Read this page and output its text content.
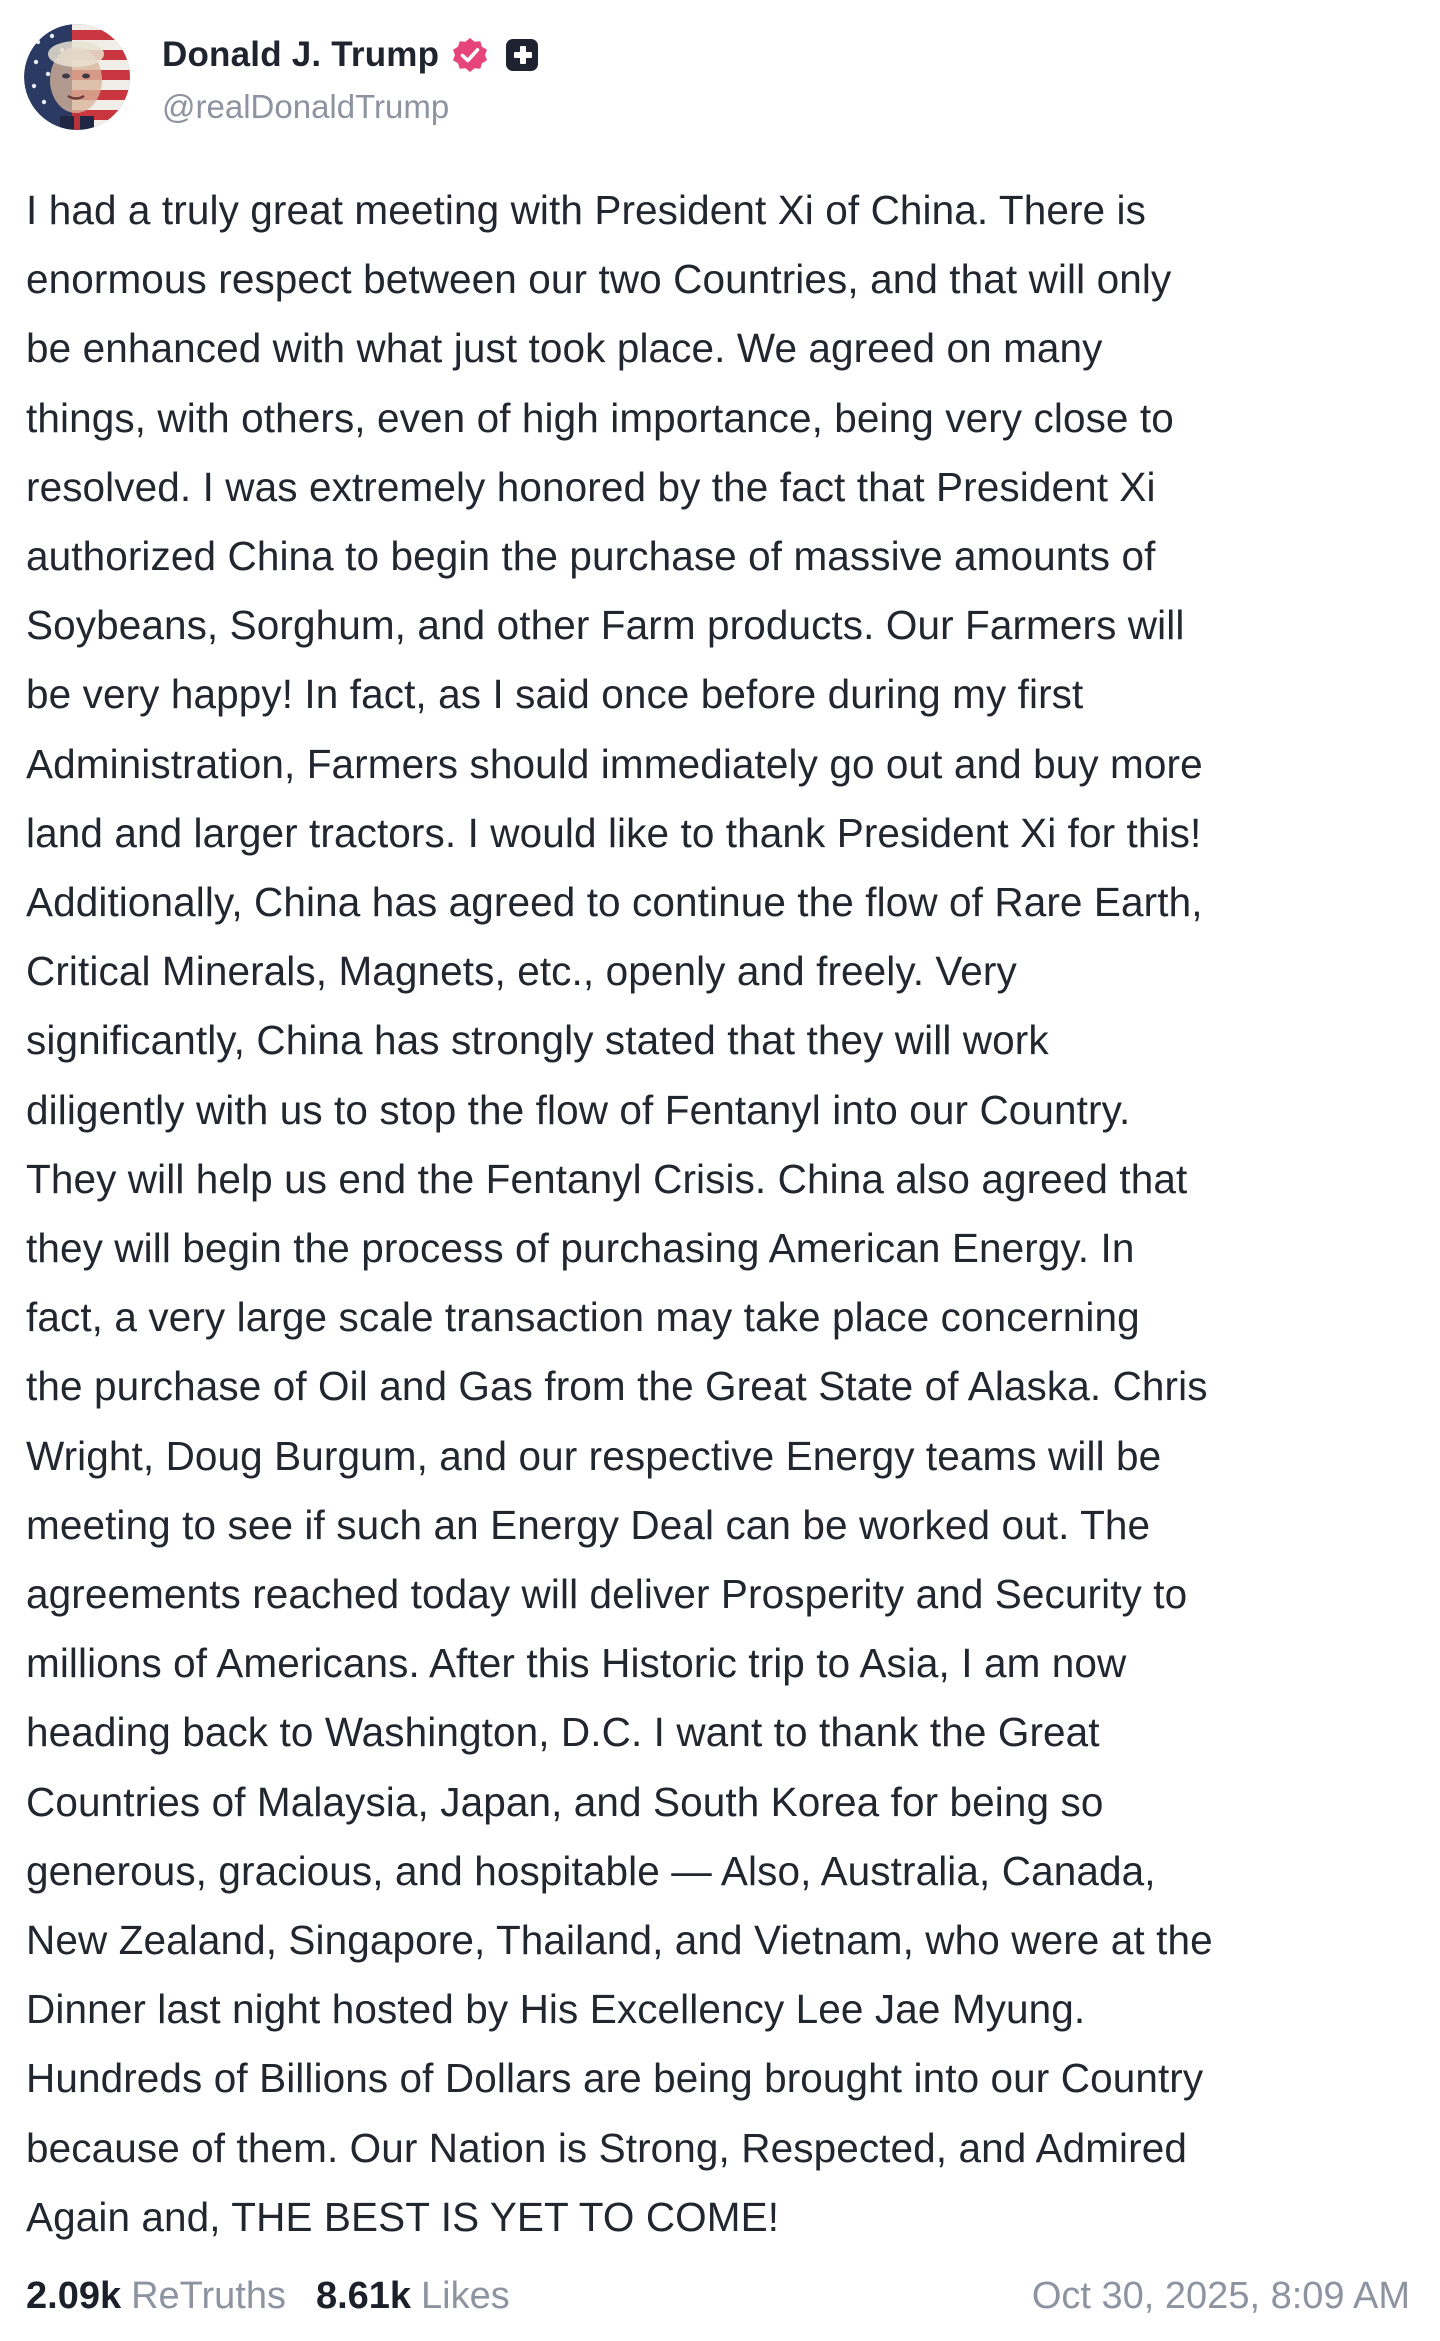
Donald J. Trump
@realDonaldTrump
I had a truly great meeting with President Xi of China. There is
enormous respect between our two Countries, and that will only
be enhanced with what just took place. We agreed on many
things, with others, even of high importance, being very close to
resolved. I was extremely honored by the fact that President Xi
authorized China to begin the purchase of massive amounts of
Soybeans, Sorghum, and other Farm products. Our Farmers will
be very happy! In fact, as I said once before during my first
Administration, Farmers should immediately go out and buy more
land and larger tractors. I would like to thank President Xi for this!
Additionally, China has agreed to continue the flow of Rare Earth,
Critical Minerals, Magnets, etc., openly and freely. Very
significantly, China has strongly stated that they will work
diligently with us to stop the flow of Fentanyl into our Country.
They will help us end the Fentanyl Crisis. China also agreed that
they will begin the process of purchasing American Energy. In
fact, a very large scale transaction may take place concerning
the purchase of Oil and Gas from the Great State of Alaska. Chris
Wright, Doug Burgum, and our respective Energy teams will be
meeting to see if such an Energy Deal can be worked out. The
agreements reached today will deliver Prosperity and Security to
millions of Americans. After this Historic trip to Asia, I am now
heading back to Washington, D.C. I want to thank the Great
Countries of Malaysia, Japan, and South Korea for being so
generous, gracious, and hospitable — Also, Australia, Canada,
New Zealand, Singapore, Thailand, and Vietnam, who were at the
Dinner last night hosted by His Excellency Lee Jae Myung.
Hundreds of Billions of Dollars are being brought into our Country
because of them. Our Nation is Strong, Respected, and Admired
Again and, THE BEST IS YET TO COME!
2.09k ReTruths 8.61k Likes	Oct 30, 2025, 8:09 AM
